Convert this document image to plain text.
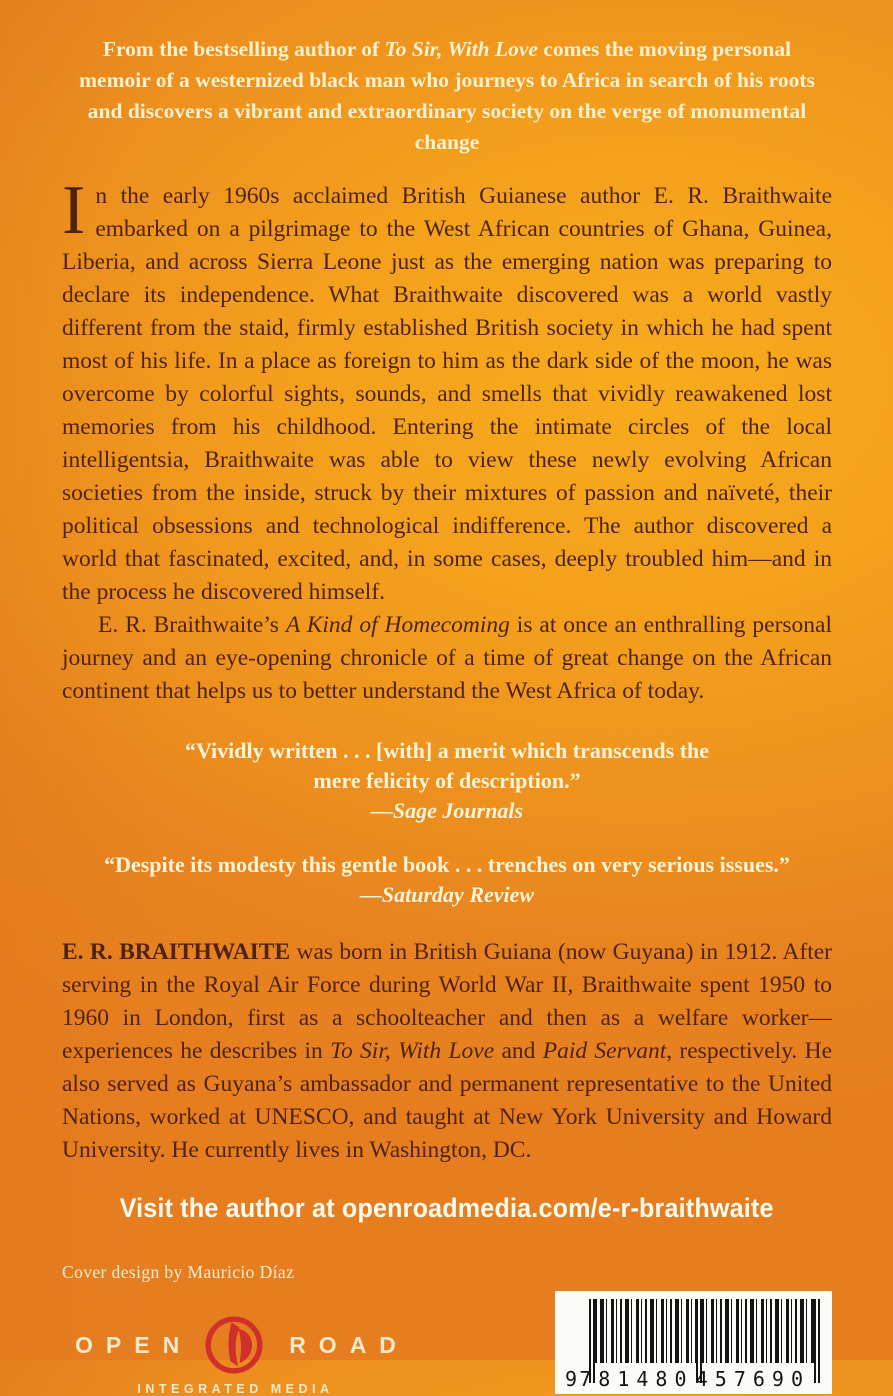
From the bestselling author of To Sir, With Love comes the moving personal memoir of a westernized black man who journeys to Africa in search of his roots and discovers a vibrant and extraordinary society on the verge of monumental change

In the early 1960s acclaimed British Guianese author E. R. Braithwaite embarked on a pilgrimage to the West African countries of Ghana, Guinea, Liberia, and across Sierra Leone just as the emerging nation was preparing to declare its independence. What Braithwaite discovered was a world vastly different from the staid, firmly established British society in which he had spent most of his life. In a place as foreign to him as the dark side of the moon, he was overcome by colorful sights, sounds, and smells that vividly reawakened lost memories from his childhood. Entering the intimate circles of the local intelligentsia, Braithwaite was able to view these newly evolving African societies from the inside, struck by their mixtures of passion and naïveté, their political obsessions and technological indifference. The author discovered a world that fascinated, excited, and, in some cases, deeply troubled him—and in the process he discovered himself.

E. R. Braithwaite’s A Kind of Homecoming is at once an enthralling personal journey and an eye-opening chronicle of a time of great change on the African continent that helps us to better understand the West Africa of today.

“Vividly written . . . [with] a merit which transcends the mere felicity of description.”

—Sage Journals

“Despite its modesty this gentle book . . . trenches on very serious issues.”

—Saturday Review

E. R. BRAITHWAITE was born in British Guiana (now Guyana) in 1912. After serving in the Royal Air Force during World War II, Braithwaite spent 1950 to 1960 in London, first as a schoolteacher and then as a welfare worker—experiences he describes in To Sir, With Love and Paid Servant, respectively. He also served as Guyana’s ambassador and permanent representative to the United Nations, worked at UNESCO, and taught at New York University and Howard University. He currently lives in Washington, DC.

Visit the author at openroadmedia.com/e-r-braithwaite

Cover design by Mauricio Díaz

OPEN	ROAD
INTEGRATED MEDIA	9 781480 457690
